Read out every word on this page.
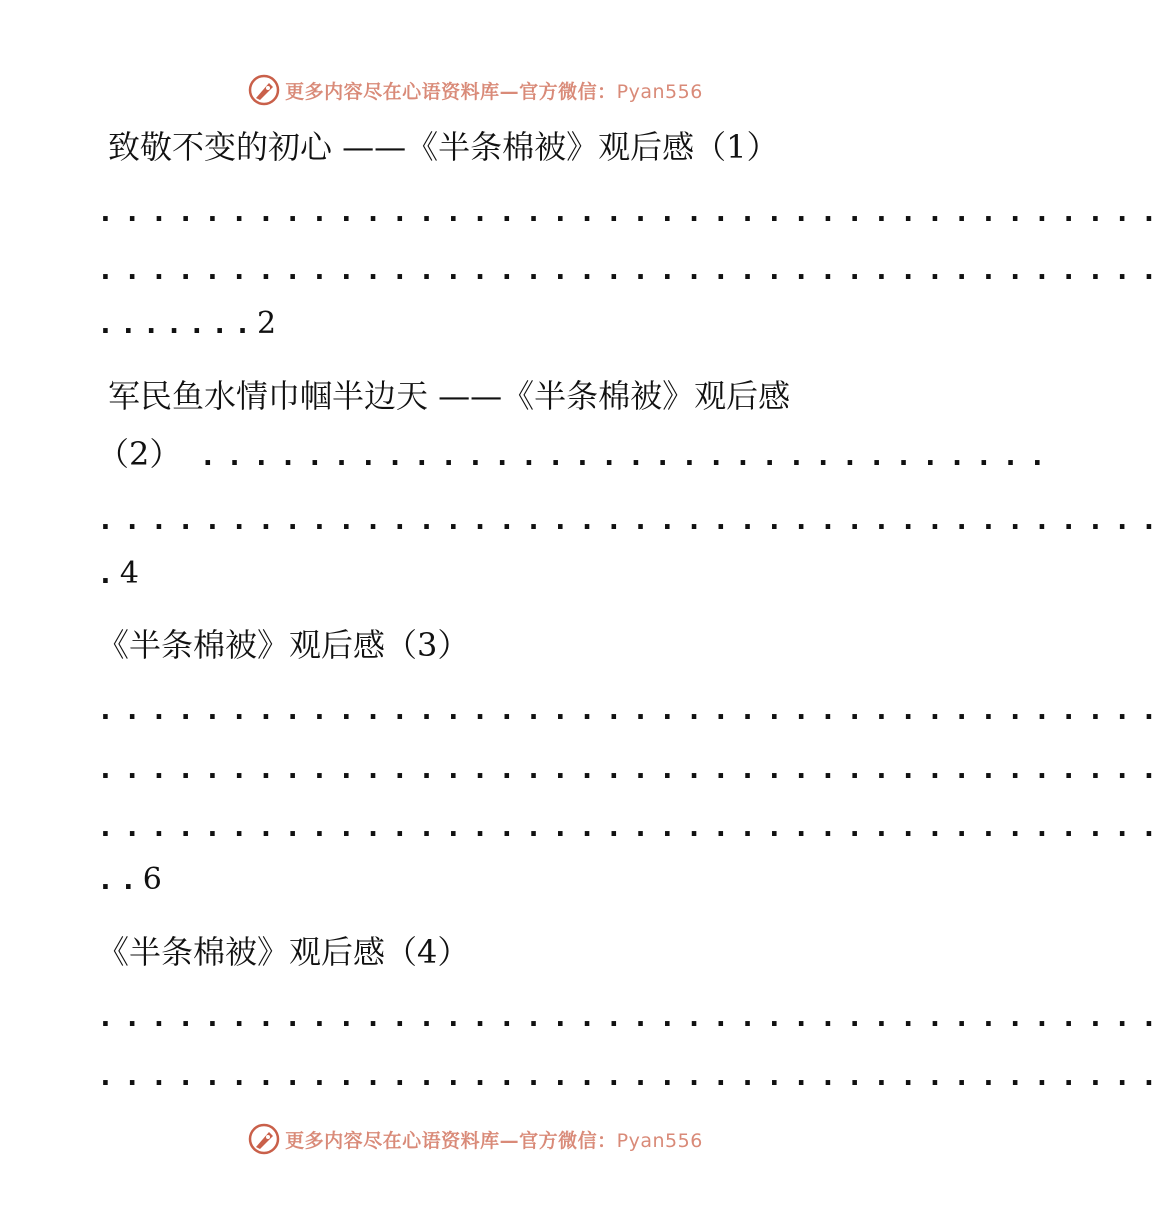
更多内容尽在心语资料库—官方微信：Pyan556
致敬不变的初心 ——《半条棉被》观后感（1）
........................................
........................................
.......2
军民鱼水情巾帼半边天 ——《半条棉被》观后感
（2） ................................
........................................
.4
《半条棉被》观后感（3）
........................................
........................................
........................................
..6
《半条棉被》观后感（4）
........................................
........................................
更多内容尽在心语资料库—官方微信：Pyan556
